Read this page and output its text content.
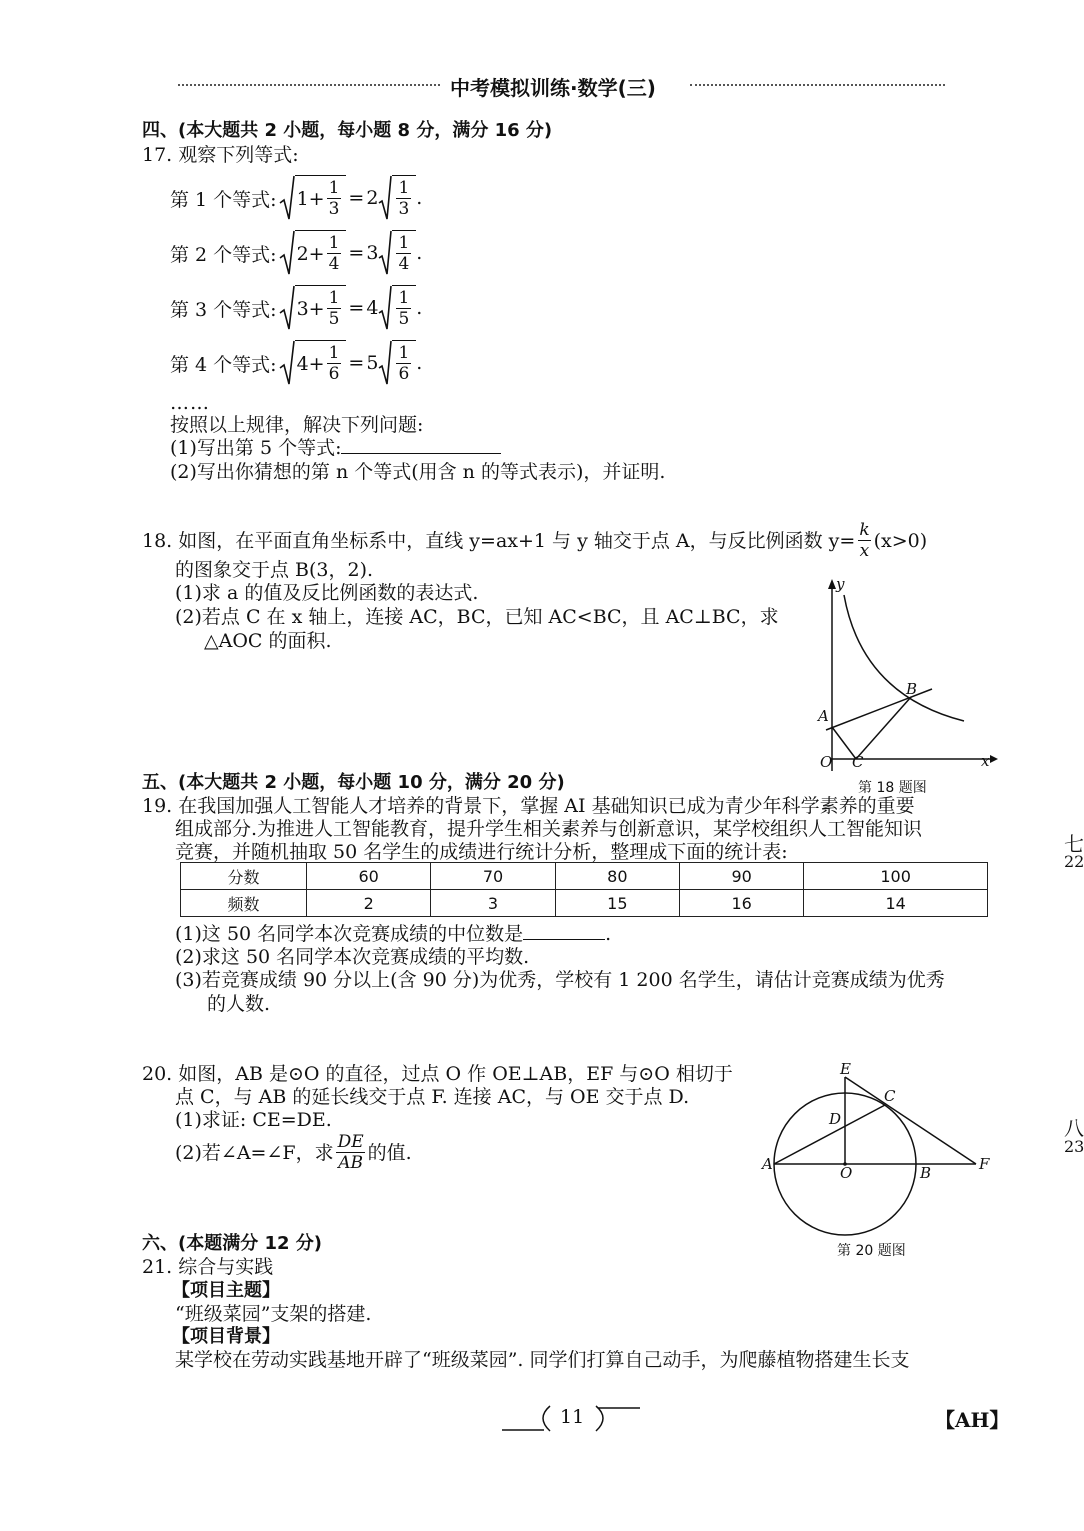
中考模拟训练·数学(三)
四、(本大题共 2 小题，每小题 8 分，满分 16 分)
17. 观察下列等式:
第 1 个等式: $1 + \frac{1}{3} = 2 \frac{1}{3}$ .
第 2 个等式: $2 + \frac{1}{4} = 3 \frac{1}{4}$ .
第 3 个等式: $3 + \frac{1}{5} = 4 \frac{1}{5}$ .
第 4 个等式: $4 + \frac{1}{6} = 5 \frac{1}{6}$ .
……
按照以上规律，解决下列问题:
(1)写出第 5 个等式:
(2)写出你猜想的第 n 个等式(用含 n 的等式表示)，并证明.
18. 如图，在平面直角坐标系中，直线 y=ax+1 与 y 轴交于点 A，与反比例函数 $y= \frac{k}{x} (x>0)$
的图象交于点 B(3，2).
(1)求 a 的值及反比例函数的表达式.
(2)若点 C 在 x 轴上，连接 AC，BC，已知 AC<BC，且 AC⊥BC，求
△AOC 的面积.
y
x
O
A
B
C
第 18 题图
五、(本大题共 2 小题，每小题 10 分，满分 20 分)
19. 在我国加强人工智能人才培养的背景下，掌握 AI 基础知识已成为青少年科学素养的重要
组成部分.为推进人工智能教育，提升学生相关素养与创新意识，某学校组织人工智能知识
竞赛，并随机抽取 50 名学生的成绩进行统计分析，整理成下面的统计表:
分数	60	70	80	90	100
频数	2	3	15	16	14
(1)这 50 名同学本次竞赛成绩的中位数是	.
(2)求这 50 名同学本次竞赛成绩的平均数.
(3)若竞赛成绩 90 分以上(含 90 分)为优秀，学校有 1 200 名学生，请估计竞赛成绩为优秀
的人数.
20. 如图，AB 是⊙O 的直径，过点 O 作 OE⊥AB，EF 与⊙O 相切于
点 C，与 AB 的延长线交于点 F. 连接 AC，与 OE 交于点 D.
(1)求证: CE=DE.
(2)若∠A=∠F，求 $\frac{DE}{AB}$ 的值.
E
C
D
A	O	B	F
第 20 题图
六、(本题满分 12 分)
21. 综合与实践
【项目主题】
“班级菜园”支架的搭建.
【项目背景】
某学校在劳动实践基地开辟了“班级菜园”. 同学们打算自己动手，为爬藤植物搭建生长支
七
22
八
23
11	【AH】
